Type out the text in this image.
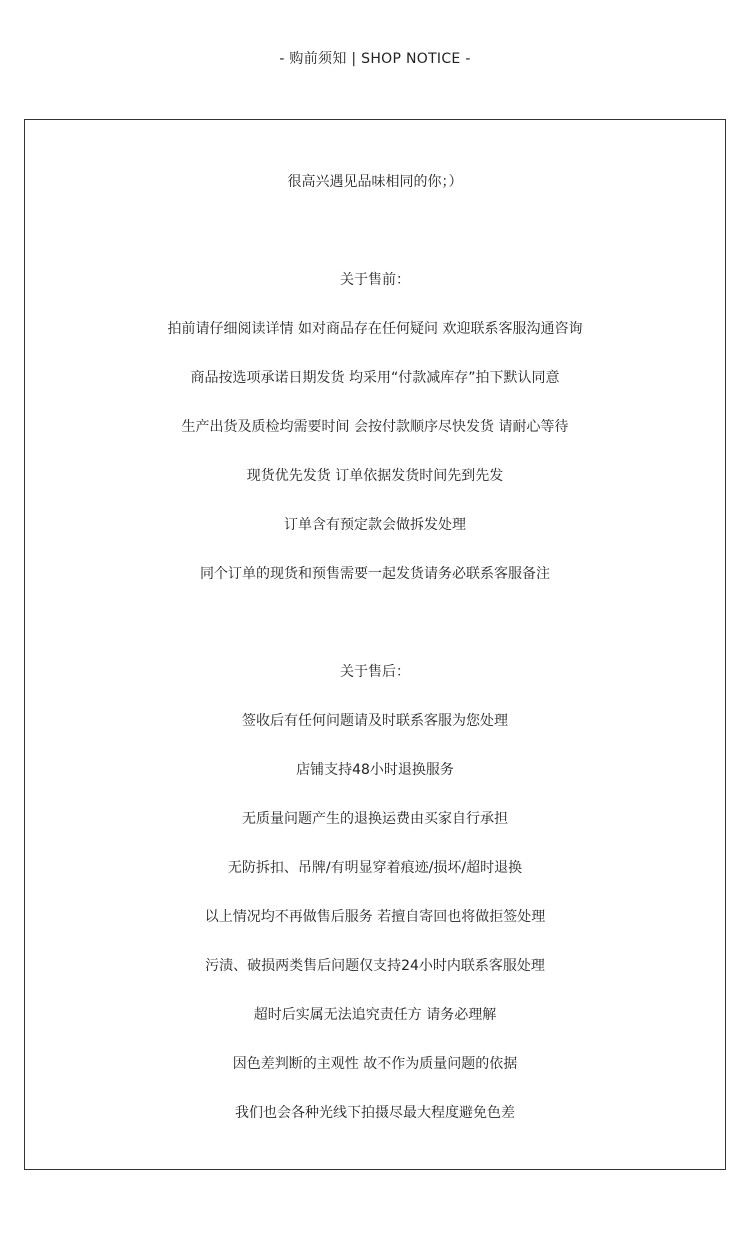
- 购前须知 | SHOP NOTICE -
很高兴遇见品味相同的你；）
关于售前：
拍前请仔细阅读详情 如对商品存在任何疑问 欢迎联系客服沟通咨询
商品按选项承诺日期发货 均采用“付款减库存”拍下默认同意
生产出货及质检均需要时间 会按付款顺序尽快发货 请耐心等待
现货优先发货 订单依据发货时间先到先发
订单含有预定款会做拆发处理
同个订单的现货和预售需要一起发货请务必联系客服备注
关于售后：
签收后有任何问题请及时联系客服为您处理
店铺支持48小时退换服务
无质量问题产生的退换运费由买家自行承担
无防拆扣、吊牌/有明显穿着痕迹/损坏/超时退换
以上情况均不再做售后服务 若擅自寄回也将做拒签处理
污渍、破损两类售后问题仅支持24小时内联系客服处理
超时后实属无法追究责任方 请务必理解
因色差判断的主观性 故不作为质量问题的依据
我们也会各种光线下拍摄尽最大程度避免色差
